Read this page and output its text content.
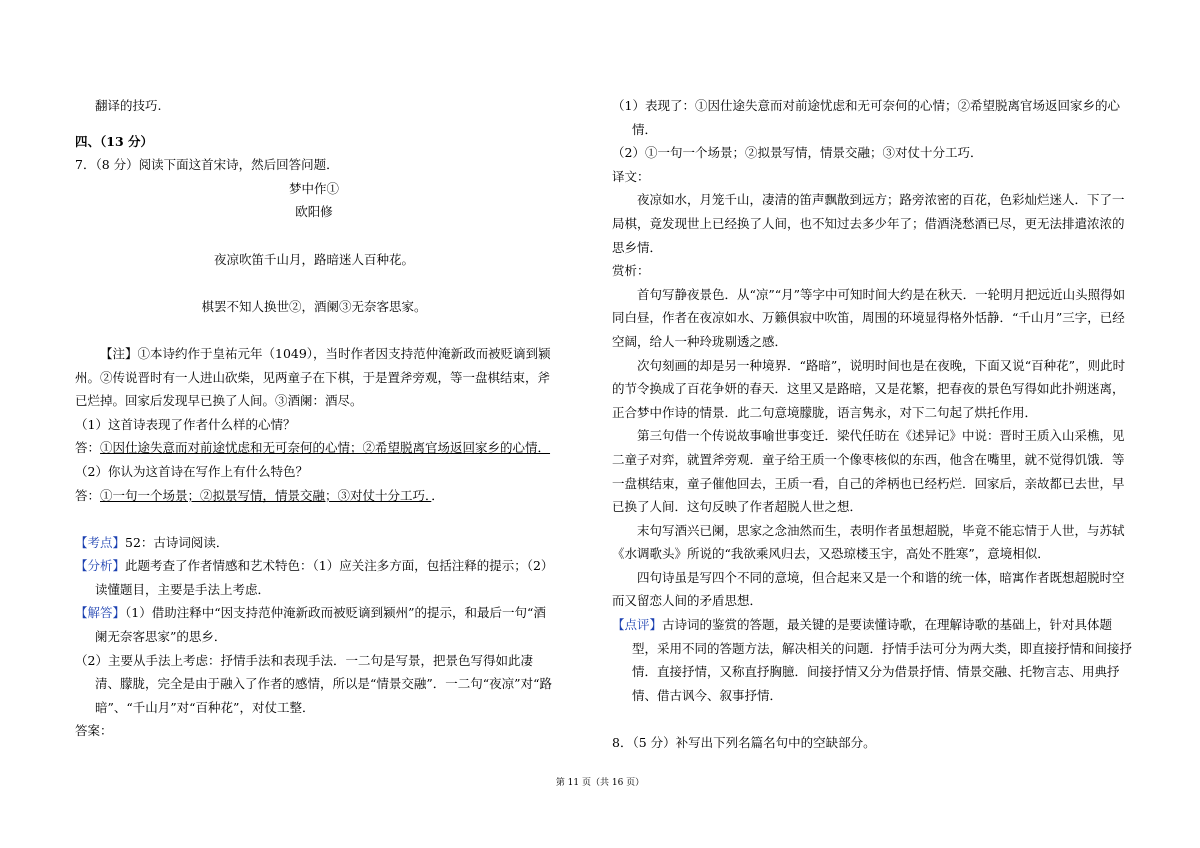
翻译的技巧.

四、（13 分）

7．（8 分）阅读下面这首宋诗，然后回答问题．

梦中作①

欧阳修

夜凉吹笛千山月，路暗迷人百种花。

棋罢不知人换世②，酒阑③无奈客思家。

【注】①本诗约作于皇祐元年（1049），当时作者因支持范仲淹新政而被贬谪到颍州。②传说晋时有一人进山砍柴，见两童子在下棋，于是置斧旁观，等一盘棋结束，斧已烂掉。回家后发现早已换了人间。③酒阑：酒尽。

（1）这首诗表现了作者什么样的心情？

答：①因仕途失意而对前途忧虑和无可奈何的心情；②希望脱离官场返回家乡的心情．

（2）你认为这首诗在写作上有什么特色？

答：①一句一个场景；②拟景写情，情景交融；③对仗十分工巧．．

【考点】52：古诗词阅读．

【分析】此题考查了作者情感和艺术特色：（1）应关注多方面，包括注释的提示；（2）读懂题目，主要是手法上考虑．

【解答】（1）借助注释中“因支持范仲淹新政而被贬谪到颍州”的提示，和最后一句“酒阑无奈客思家”的思乡．

（2）主要从手法上考虑：抒情手法和表现手法．一二句是写景，把景色写得如此凄清、朦胧，完全是由于融入了作者的感情，所以是“情景交融”．一二句“夜凉”对“路暗”、“千山月”对“百种花”，对仗工整．

答案：

（1）表现了：①因仕途失意而对前途忧虑和无可奈何的心情；②希望脱离官场返回家乡的心情．

（2）①一句一个场景；②拟景写情，情景交融；③对仗十分工巧．

译文：

夜凉如水，月笼千山，凄清的笛声飘散到远方；路旁浓密的百花，色彩灿烂迷人．下了一局棋，竟发现世上已经换了人间，也不知过去多少年了；借酒浇愁酒已尽，更无法排遣浓浓的思乡情．

赏析：

首句写静夜景色．从“凉”“月”等字中可知时间大约是在秋天．一轮明月把远近山头照得如同白昼，作者在夜凉如水、万籁俱寂中吹笛，周围的环境显得格外恬静．“千山月”三字，已经空阔，给人一种玲珑剔透之感．

次句刻画的却是另一种境界．“路暗”，说明时间也是在夜晚，下面又说“百种花”，则此时的节令换成了百花争妍的春天．这里又是路暗，又是花繁，把春夜的景色写得如此扑朔迷离，正合梦中作诗的情景．此二句意境朦胧，语言隽永，对下二句起了烘托作用．

第三句借一个传说故事喻世事变迁．梁代任昉在《述异记》中说：晋时王质入山采樵，见二童子对弈，就置斧旁观．童子给王质一个像枣核似的东西，他含在嘴里，就不觉得饥饿．等一盘棋结束，童子催他回去，王质一看，自己的斧柄也已经朽烂．回家后，亲故都已去世，早已换了人间．这句反映了作者超脱人世之想．

末句写酒兴已阑，思家之念油然而生，表明作者虽想超脱，毕竟不能忘情于人世，与苏轼《水调歌头》所说的“我欲乘风归去，又恐琼楼玉宇，高处不胜寒”，意境相似．

四句诗虽是写四个不同的意境，但合起来又是一个和谐的统一体，暗寓作者既想超脱时空而又留恋人间的矛盾思想．

【点评】古诗词的鉴赏的答题，最关键的是要读懂诗歌，在理解诗歌的基础上，针对具体题型，采用不同的答题方法，解决相关的问题．抒情手法可分为两大类，即直接抒情和间接抒情．直接抒情，又称直抒胸臆．间接抒情又分为借景抒情、情景交融、托物言志、用典抒情、借古讽今、叙事抒情．

8．（5 分）补写出下列名篇名句中的空缺部分。

第 11 页（共 16 页）
